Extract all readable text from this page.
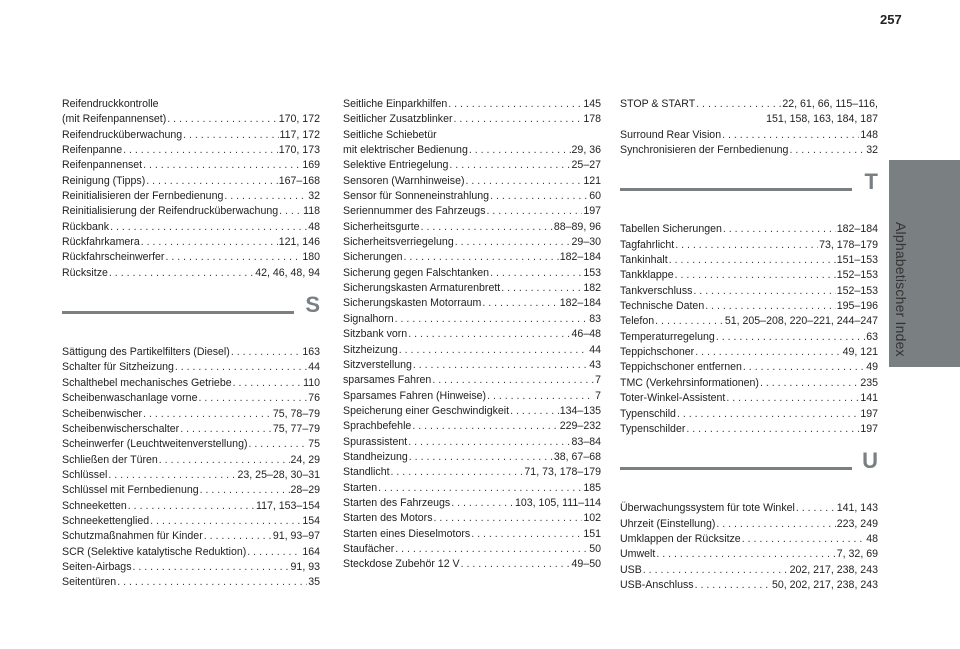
257
Alphabetischer Index
Reifendruckkontrolle
(mit Reifenpannenset) . . .	170, 172
Reifendrucküberwachung . . .	117, 172
Reifenpanne . . .	170, 173
Reifenpannenset . . .	169
Reinigung (Tipps) . . .	167–168
Reinitialisieren der Fernbedienung . . .	32
Reinitialisierung der Reifendrucküberwachung . . . 118
Rückbank . . .	48
Rückfahrkamera . . .	121, 146
Rückfahrscheinwerfer . . .	180
Rücksitze . . .	42, 46, 48, 94
S
Sättigung des Partikelfilters (Diesel) . . .	163
Schalter für Sitzheizung . . .	44
Schalthebel mechanisches Getriebe . . .	110
Scheibenwaschanlage vorne . . .	76
Scheibenwischer . . .	75, 78–79
Scheibenwischerschalter . . .	75, 77–79
Scheinwerfer (Leuchtweitenverstellung) . . .	75
Schließen der Türen . . .	24, 29
Schlüssel . . .	23, 25–28, 30–31
Schlüssel mit Fernbedienung . . .	28–29
Schneeketten . . .	117, 153–154
Schneekettenglied . . .	154
Schutzmaßnahmen für Kinder . . .	91, 93–97
SCR (Selektive katalytische Reduktion) . . .	164
Seiten-Airbags . . .	91, 93
Seitentüren . . .	35
Seitliche Einparkhilfen . . .	145
Seitlicher Zusatzblinker . . .	178
Seitliche Schiebetür
mit elektrischer Bedienung . . .	29, 36
Selektive Entriegelung . . .	25–27
Sensoren (Warnhinweise) . . .	121
Sensor für Sonneneinstrahlung . . .	60
Seriennummer des Fahrzeugs . . .	197
Sicherheitsgurte . . .	88–89, 96
Sicherheitsverriegelung . . .	29–30
Sicherungen . . .	182–184
Sicherung gegen Falschtanken . . .	153
Sicherungskasten Armaturenbrett . . .	182
Sicherungskasten Motorraum . . .	182–184
Signalhorn . . .	83
Sitzbank vorn . . .	46–48
Sitzheizung . . .	44
Sitzverstellung . . .	43
sparsames Fahren . . .	7
Sparsames Fahren (Hinweise) . . .	7
Speicherung einer Geschwindigkeit . . .	134–135
Sprachbefehle . . .	229–232
Spurassistent . . .	83–84
Standheizung . . .	38, 67–68
Standlicht . . .	71, 73, 178–179
Starten . . .	185
Starten des Fahrzeugs . . .	103, 105, 111–114
Starten des Motors . . .	102
Starten eines Dieselmotors . . .	151
Staufächer . . .	50
Steckdose Zubehör 12 V . . .	49–50
STOP & START . . .	22, 61, 66, 115–116,
151, 158, 163, 184, 187
Surround Rear Vision . . .	148
Synchronisieren der Fernbedienung . . .	32
T
Tabellen Sicherungen . . .	182–184
Tagfahrlicht . . .	73, 178–179
Tankinhalt . . .	151–153
Tankklappe . . .	152–153
Tankverschluss . . .	152–153
Technische Daten . . .	195–196
Telefon . . .	51, 205–208, 220–221, 244–247
Temperaturregelung . . .	63
Teppichschoner . . .	49, 121
Teppichschoner entfernen . . .	49
TMC (Verkehrsinformationen) . . .	235
Toter-Winkel-Assistent . . .	141
Typenschild . . .	197
Typenschilder . . .	197
U
Überwachungssystem für tote Winkel . . .	141, 143
Uhrzeit (Einstellung) . . .	223, 249
Umklappen der Rücksitze . . .	48
Umwelt . . .	7, 32, 69
USB . . .	202, 217, 238, 243
USB-Anschluss . . .	50, 202, 217, 238, 243
